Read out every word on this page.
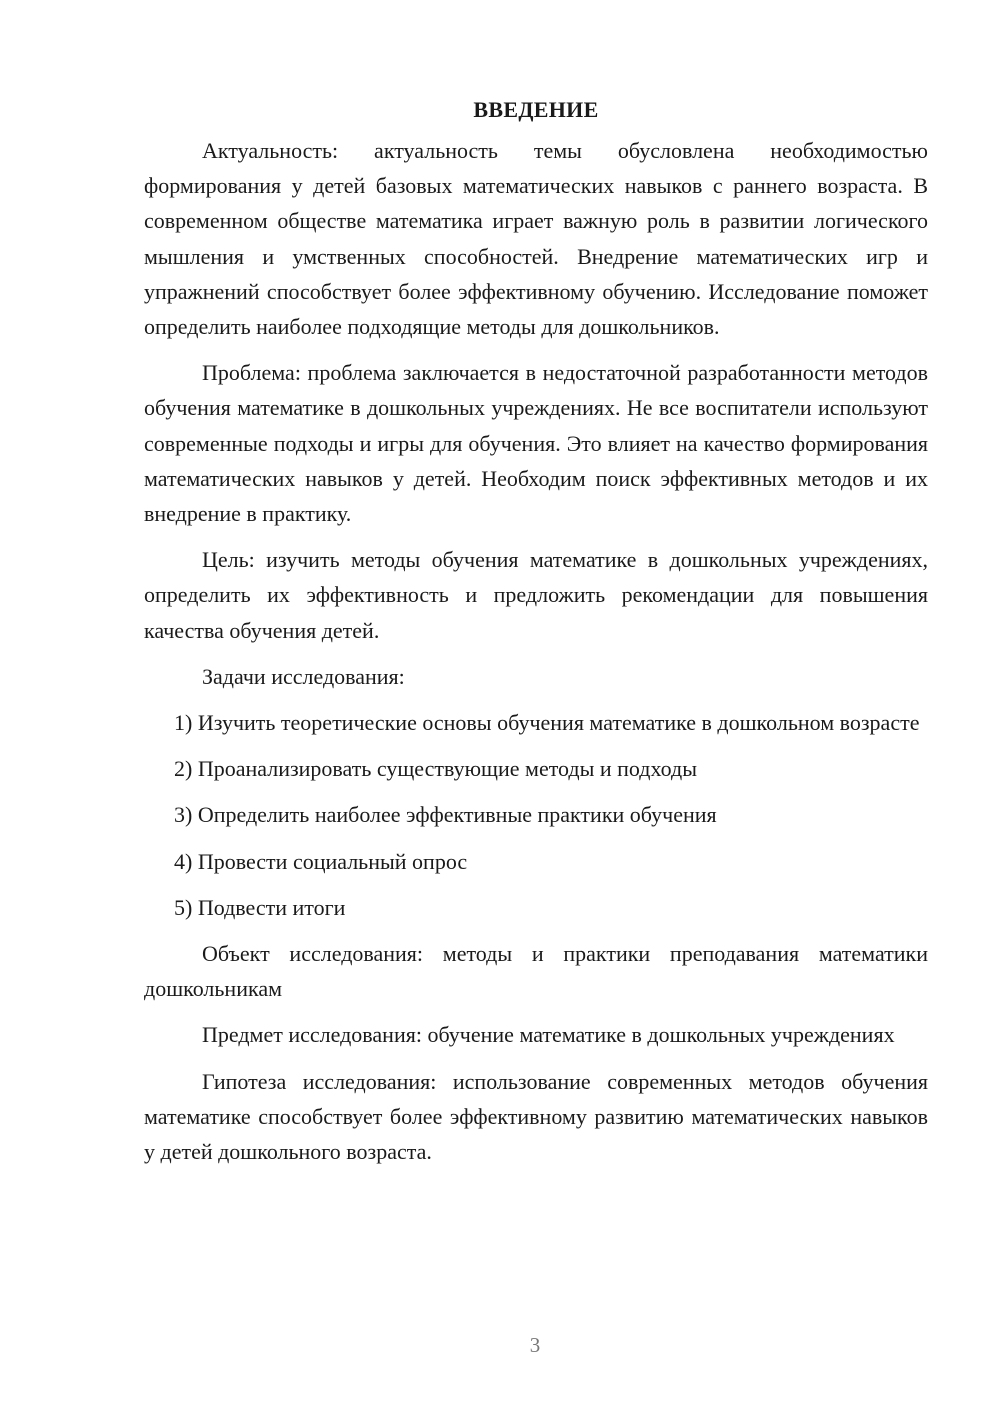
ВВЕДЕНИЕ

Актуальность: актуальность темы обусловлена необходимостью формирования у детей базовых математических навыков с раннего возраста. В современном обществе математика играет важную роль в развитии логического мышления и умственных способностей. Внедрение математических игр и упражнений способствует более эффективному обучению. Исследование поможет определить наиболее подходящие методы для дошкольников.

Проблема: проблема заключается в недостаточной разработанности методов обучения математике в дошкольных учреждениях. Не все воспитатели используют современные подходы и игры для обучения. Это влияет на качество формирования математических навыков у детей. Необходим поиск эффективных методов и их внедрение в практику.

Цель: изучить методы обучения математике в дошкольных учреждениях, определить их эффективность и предложить рекомендации для повышения качества обучения детей.

Задачи исследования:

1) Изучить теоретические основы обучения математике в дошкольном возрасте

2) Проанализировать существующие методы и подходы

3) Определить наиболее эффективные практики обучения

4) Провести социальный опрос

5) Подвести итоги

Объект исследования: методы и практики преподавания математики дошкольникам

Предмет исследования: обучение математике в дошкольных учреждениях

Гипотеза исследования: использование современных методов обучения математике способствует более эффективному развитию математических навыков у детей дошкольного возраста.

3
